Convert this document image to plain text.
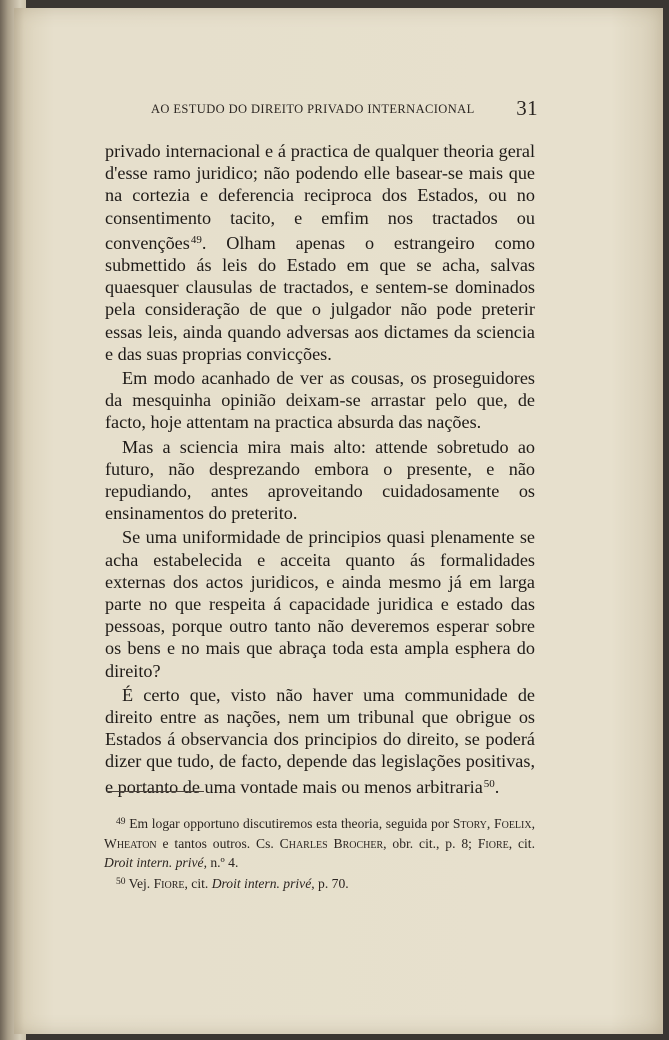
AO ESTUDO DO DIREITO PRIVADO INTERNACIONAL 31

privado internacional e á practica de qualquer theoria geral d'esse ramo juridico; não podendo elle basear-se mais que na cortezia e deferencia reciproca dos Estados, ou no consentimento tacito, e emfim nos tractados ou convenções$^{49}$. Olham apenas o estrangeiro como submettido ás leis do Estado em que se acha, salvas quaesquer clausulas de tractados, e sentem-se dominados pela consideração de que o julgador não pode preterir essas leis, ainda quando adversas aos dictames da sciencia e das suas proprias convicções.

Em modo acanhado de ver as cousas, os proseguidores da mesquinha opinião deixam-se arrastar pelo que, de facto, hoje attentam na practica absurda das nações.

Mas a sciencia mira mais alto: attende sobretudo ao futuro, não desprezando embora o presente, e não repudiando, antes aproveitando cuidadosamente os ensinamentos do preterito.

Se uma uniformidade de principios quasi plenamente se acha estabelecida e acceita quanto ás formalidades externas dos actos juridicos, e ainda mesmo já em larga parte no que respeita á capacidade juridica e estado das pessoas, porque outro tanto não deveremos esperar sobre os bens e no mais que abraça toda esta ampla esphera do direito?

É certo que, visto não haver uma communidade de direito entre as nações, nem um tribunal que obrigue os Estados á observancia dos principios do direito, se poderá dizer que tudo, de facto, depende das legislações positivas, e portanto de uma vontade mais ou menos arbitraria$^{50}$.

$^{49}$ Em logar opportuno discutiremos esta theoria, seguida por Story, Foelix, Wheaton e tantos outros. Cs. Charles Brocher, obr. cit., p. 8; Fiore, cit. Droit intern. privé, n.º 4.

$^{50}$ Vej. Fiore, cit. Droit intern. privé, p. 70.
